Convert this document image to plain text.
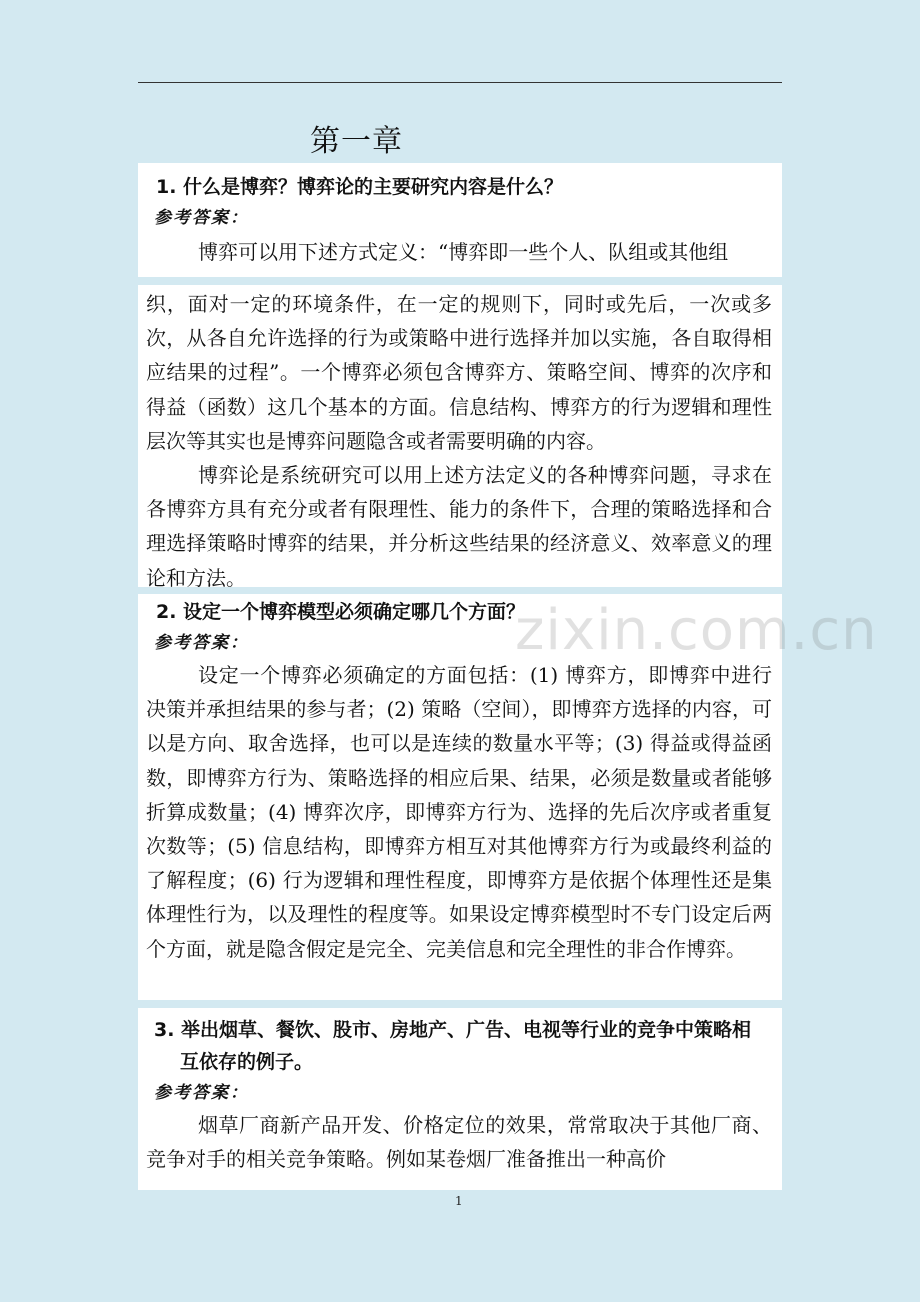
第一章

1. 什么是博弈？博弈论的主要研究内容是什么？

参考答案：

博弈可以用下述方式定义：“博弈即一些个人、队组或其他组

织，面对一定的环境条件，在一定的规则下，同时或先后，一次或多次，从各自允许选择的行为或策略中进行选择并加以实施，各自取得相应结果的过程”。一个博弈必须包含博弈方、策略空间、博弈的次序和得益（函数）这几个基本的方面。信息结构、博弈方的行为逻辑和理性层次等其实也是博弈问题隐含或者需要明确的内容。

博弈论是系统研究可以用上述方法定义的各种博弈问题，寻求在各博弈方具有充分或者有限理性、能力的条件下，合理的策略选择和合理选择策略时博弈的结果，并分析这些结果的经济意义、效率意义的理论和方法。

2. 设定一个博弈模型必须确定哪几个方面？

参考答案：

设定一个博弈必须确定的方面包括：(1) 博弈方，即博弈中进行决策并承担结果的参与者；(2) 策略（空间），即博弈方选择的内容，可以是方向、取舍选择，也可以是连续的数量水平等；(3) 得益或得益函数，即博弈方行为、策略选择的相应后果、结果，必须是数量或者能够折算成数量；(4) 博弈次序，即博弈方行为、选择的先后次序或者重复次数等；(5) 信息结构，即博弈方相互对其他博弈方行为或最终利益的了解程度；(6) 行为逻辑和理性程度，即博弈方是依据个体理性还是集体理性行为，以及理性的程度等。如果设定博弈模型时不专门设定后两个方面，就是隐含假定是完全、完美信息和完全理性的非合作博弈。

3. 举出烟草、餐饮、股市、房地产、广告、电视等行业的竞争中策略相互依存的例子。

参考答案：

烟草厂商新产品开发、价格定位的效果，常常取决于其他厂商、竞争对手的相关竞争策略。例如某卷烟厂准备推出一种高价

zixin.com.cn
1
